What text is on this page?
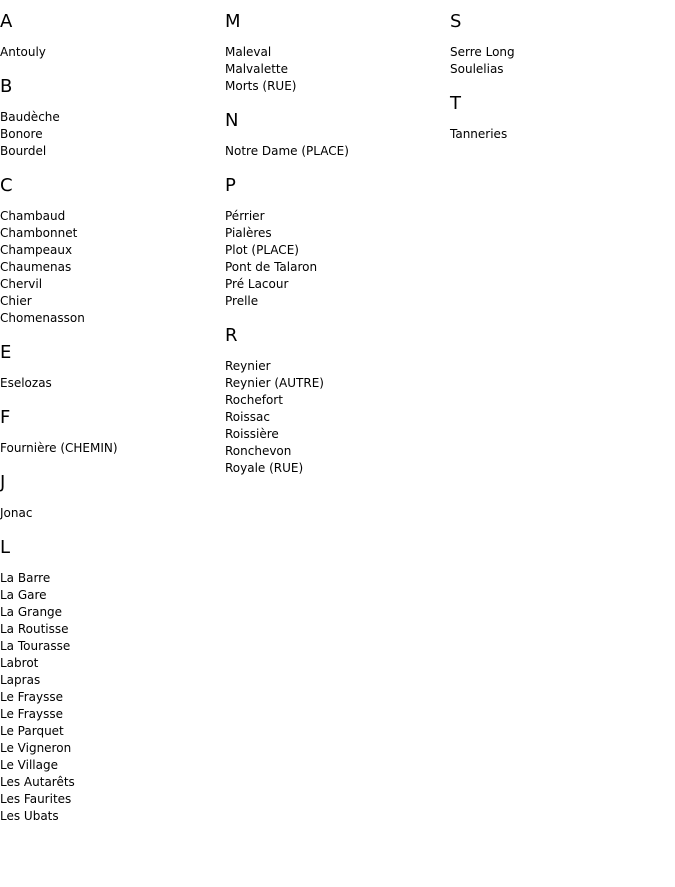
A
Antouly
B
Baudèche
Bonore
Bourdel
C
Chambaud
Chambonnet
Champeaux
Chaumenas
Chervil
Chier
Chomenasson
E
Eselozas
F
Fournière (CHEMIN)
J
Jonac
L
La Barre
La Gare
La Grange
La Routisse
La Tourasse
Labrot
Lapras
Le Fraysse
Le Fraysse
Le Parquet
Le Vigneron
Le Village
Les Autarêts
Les Faurites
Les Ubats
M
Maleval
Malvalette
Morts (RUE)
N
Notre Dame (PLACE)
P
Pérrier
Pialères
Plot (PLACE)
Pont de Talaron
Pré Lacour
Prelle
R
Reynier
Reynier (AUTRE)
Rochefort
Roissac
Roissière
Ronchevon
Royale (RUE)
S
Serre Long
Soulelias
T
Tanneries
